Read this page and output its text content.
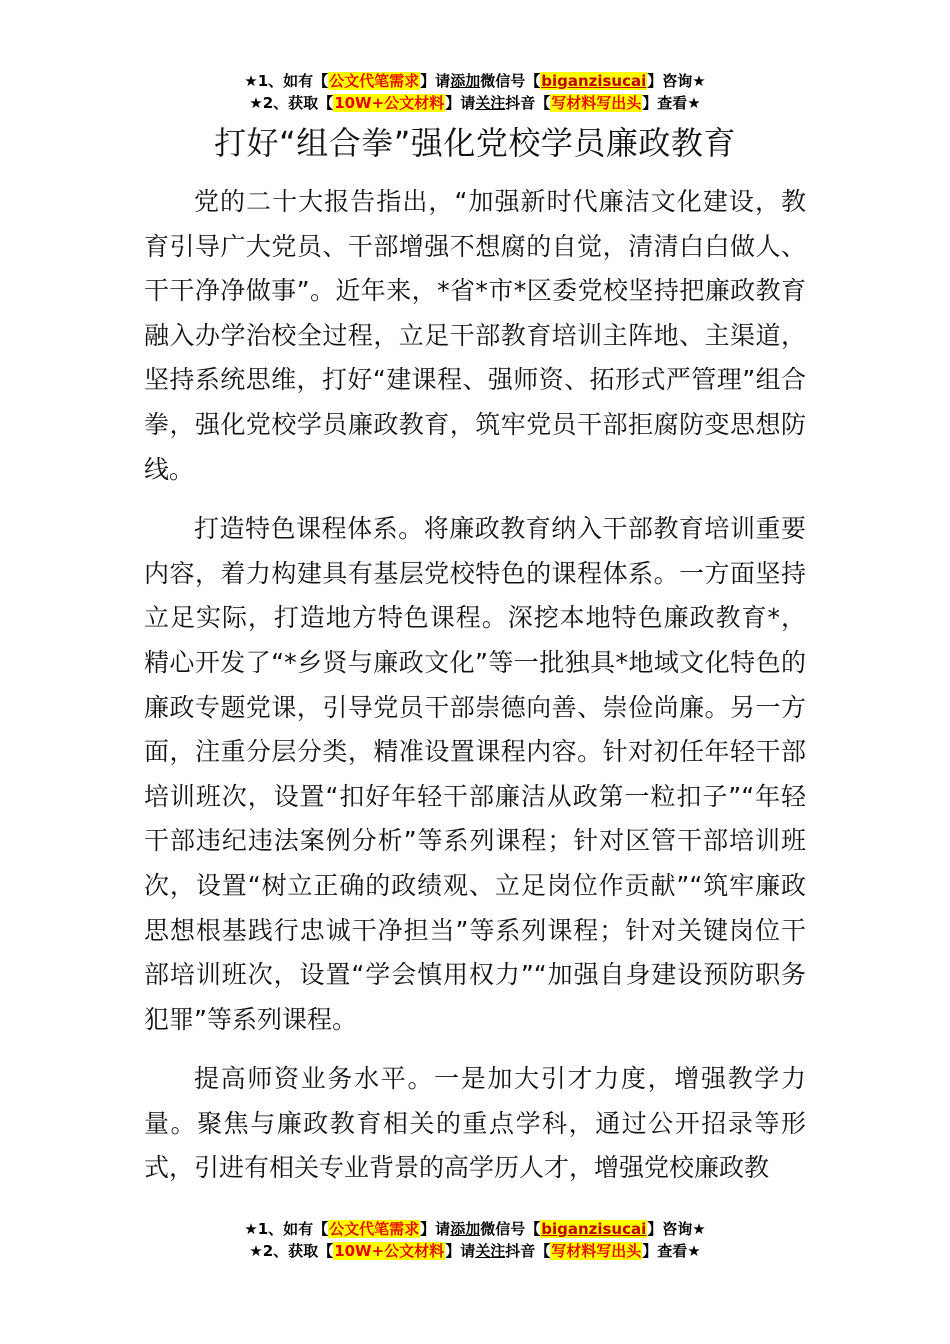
★1、如有【公文代笔需求】请添加微信号【biganzisucai】咨询★
★2、获取【10W+公文材料】请关注抖音【写材料写出头】查看★
打好“组合拳”强化党校学员廉政教育

党的二十大报告指出，“加强新时代廉洁文化建设，教育引导广大党员、干部增强不想腐的自觉，清清白白做人、干干净净做事”。近年来，*省*市*区委党校坚持把廉政教育融入办学治校全过程，立足干部教育培训主阵地、主渠道，坚持系统思维，打好“建课程、强师资、拓形式严管理”组合拳，强化党校学员廉政教育，筑牢党员干部拒腐防变思想防线。

打造特色课程体系。将廉政教育纳入干部教育培训重要内容，着力构建具有基层党校特色的课程体系。一方面坚持立足实际，打造地方特色课程。深挖本地特色廉政教育*，精心开发了“*乡贤与廉政文化”等一批独具*地域文化特色的廉政专题党课，引导党员干部崇德向善、崇俭尚廉。另一方面，注重分层分类，精准设置课程内容。针对初任年轻干部培训班次，设置“扣好年轻干部廉洁从政第一粒扣子”“年轻干部违纪违法案例分析”等系列课程；针对区管干部培训班次，设置“树立正确的政绩观、立足岗位作贡献”“筑牢廉政思想根基践行忠诚干净担当”等系列课程；针对关键岗位干部培训班次，设置“学会慎用权力”“加强自身建设预防职务犯罪”等系列课程。

提高师资业务水平。一是加大引才力度，增强教学力量。聚焦与廉政教育相关的重点学科，通过公开招录等形式，引进有相关专业背景的高学历人才，增强党校廉政教

★1、如有【公文代笔需求】请添加微信号【biganzisucai】咨询★
★2、获取【10W+公文材料】请关注抖音【写材料写出头】查看★
